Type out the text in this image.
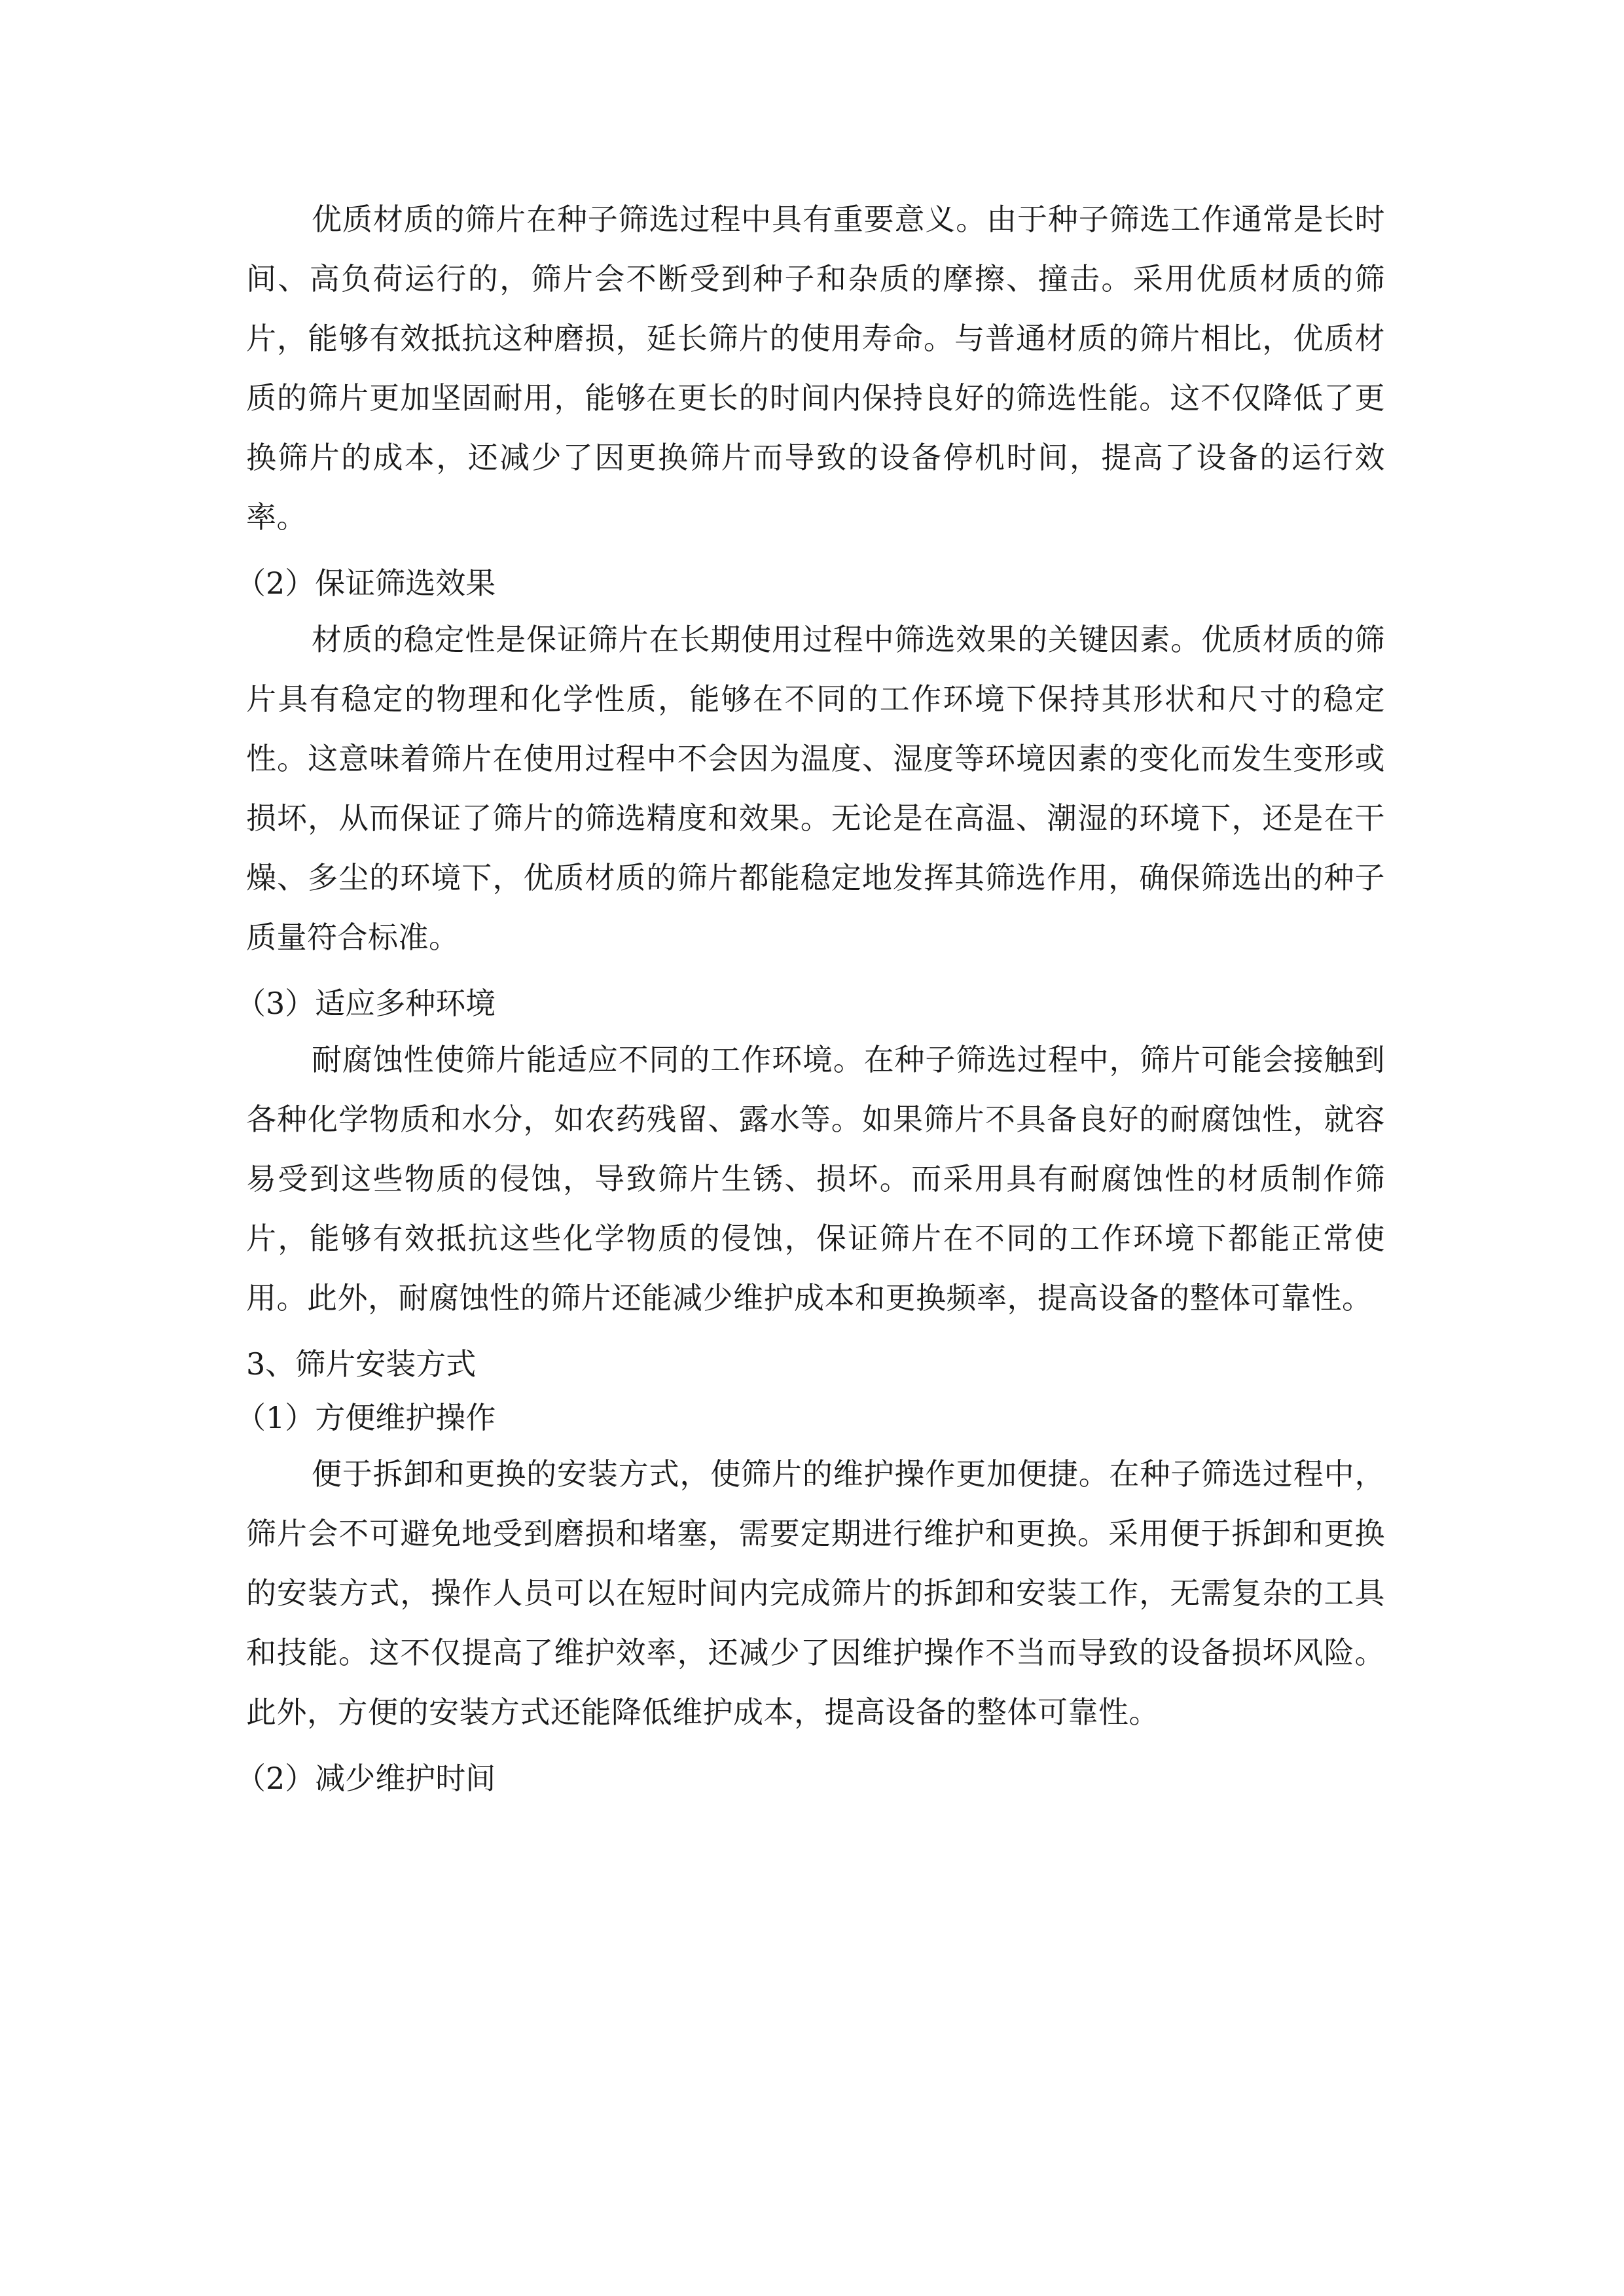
优质材质的筛片在种子筛选过程中具有重要意义。由于种子筛选工作通常是长时间、高负荷运行的，筛片会不断受到种子和杂质的摩擦、撞击。采用优质材质的筛片，能够有效抵抗这种磨损，延长筛片的使用寿命。与普通材质的筛片相比，优质材质的筛片更加坚固耐用，能够在更长的时间内保持良好的筛选性能。这不仅降低了更换筛片的成本，还减少了因更换筛片而导致的设备停机时间，提高了设备的运行效率。

（2）保证筛选效果

材质的稳定性是保证筛片在长期使用过程中筛选效果的关键因素。优质材质的筛片具有稳定的物理和化学性质，能够在不同的工作环境下保持其形状和尺寸的稳定性。这意味着筛片在使用过程中不会因为温度、湿度等环境因素的变化而发生变形或损坏，从而保证了筛片的筛选精度和效果。无论是在高温、潮湿的环境下，还是在干燥、多尘的环境下，优质材质的筛片都能稳定地发挥其筛选作用，确保筛选出的种子质量符合标准。

（3）适应多种环境

耐腐蚀性使筛片能适应不同的工作环境。在种子筛选过程中，筛片可能会接触到各种化学物质和水分，如农药残留、露水等。如果筛片不具备良好的耐腐蚀性，就容易受到这些物质的侵蚀，导致筛片生锈、损坏。而采用具有耐腐蚀性的材质制作筛片，能够有效抵抗这些化学物质的侵蚀，保证筛片在不同的工作环境下都能正常使用。此外，耐腐蚀性的筛片还能减少维护成本和更换频率，提高设备的整体可靠性。

3、筛片安装方式

（1）方便维护操作

便于拆卸和更换的安装方式，使筛片的维护操作更加便捷。在种子筛选过程中，筛片会不可避免地受到磨损和堵塞，需要定期进行维护和更换。采用便于拆卸和更换的安装方式，操作人员可以在短时间内完成筛片的拆卸和安装工作，无需复杂的工具和技能。这不仅提高了维护效率，还减少了因维护操作不当而导致的设备损坏风险。此外，方便的安装方式还能降低维护成本，提高设备的整体可靠性。

（2）减少维护时间
